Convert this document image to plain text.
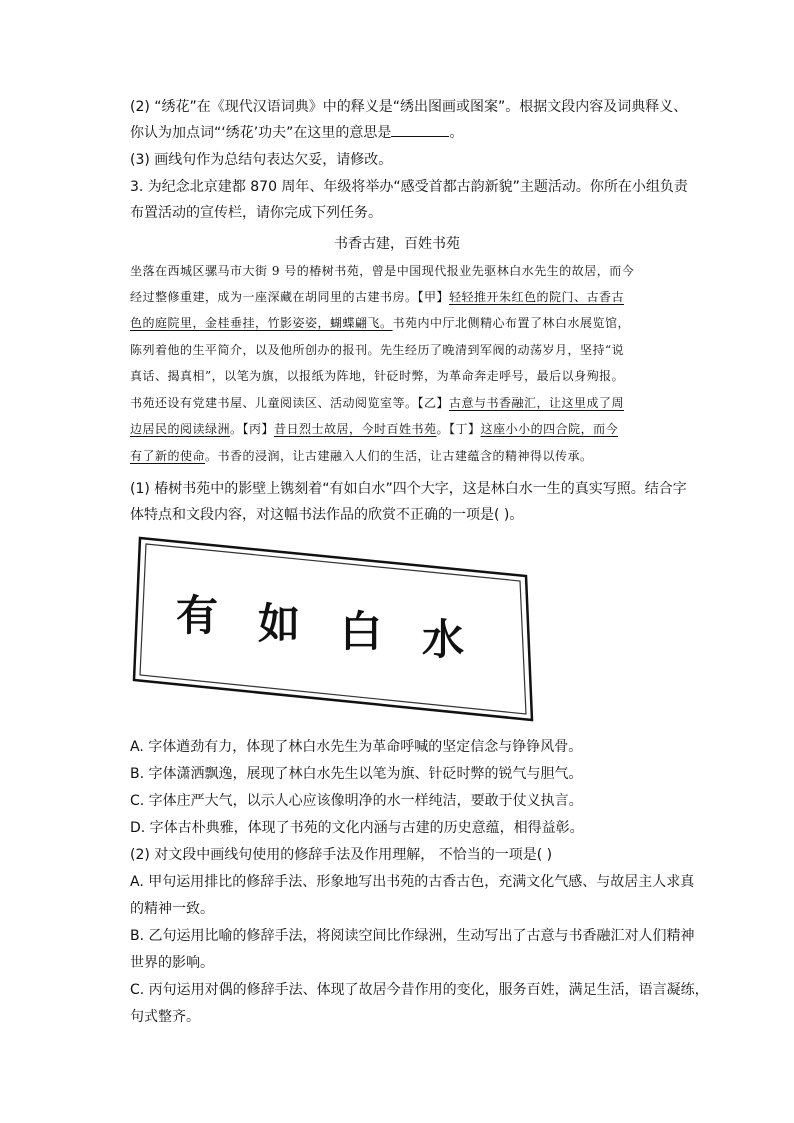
(2) “绣花”在《现代汉语词典》中的释义是“绣出图画或图案”。根据文段内容及词典释义、
你认为加点词“‘绣花’功夫”在这里的意思是	。
(3) 画线句作为总结句表达欠妥，请修改。
3. 为纪念北京建都 870 周年、年级将举办“感受首都古韵新貌”主题活动。你所在小组负责
布置活动的宣传栏，请你完成下列任务。
书香古建，百姓书苑
坐落在西城区骡马市大街 9 号的椿树书苑，曾是中国现代报业先驱林白水先生的故居，而今
经过整修重建，成为一座深藏在胡同里的古建书房。【甲】轻轻推开朱红色的院门、古香古
色的庭院里，金桂垂挂，竹影姿姿，蝴蝶翩飞。书苑内中厅北侧精心布置了林白水展览馆，
陈列着他的生平简介，以及他所创办的报刊。先生经历了晚清到军阀的动荡岁月，坚持“说
真话、揭真相”，以笔为旗，以报纸为阵地，针砭时弊，为革命奔走呼号，最后以身殉报。
书苑还设有党建书屋、儿童阅读区、活动阅览室等。【乙】古意与书香融汇，让这里成了周
边居民的阅读绿洲。【丙】昔日烈士故居，今时百姓书苑。【丁】这座小小的四合院，而今
有了新的使命。书香的浸润，让古建融入人们的生活，让古建蕴含的精神得以传承。
(1) 椿树书苑中的影壁上镌刻着“有如白水”四个大字，这是林白水一生的真实写照。结合字
体特点和文段内容，对这幅书法作品的欣赏不正确的一项是( )。
有 如 白 水
A. 字体遒劲有力，体现了林白水先生为革命呼喊的坚定信念与铮铮风骨。
B. 字体潇洒飘逸，展现了林白水先生以笔为旗、针砭时弊的锐气与胆气。
C. 字体庄严大气，以示人心应该像明净的水一样纯洁，要敢于仗义执言。
D. 字体古朴典雅，体现了书苑的文化内涵与古建的历史意蕴，相得益彰。
(2) 对文段中画线句使用的修辞手法及作用理解， 不恰当的一项是( )
A. 甲句运用排比的修辞手法、形象地写出书苑的古香古色，充满文化气感、与故居主人求真
的精神一致。
B. 乙句运用比喻的修辞手法，将阅读空间比作绿洲，生动写出了古意与书香融汇对人们精神
世界的影响。
C. 丙句运用对偶的修辞手法、体现了故居今昔作用的变化，服务百姓，满足生活，语言凝练，
句式整齐。
